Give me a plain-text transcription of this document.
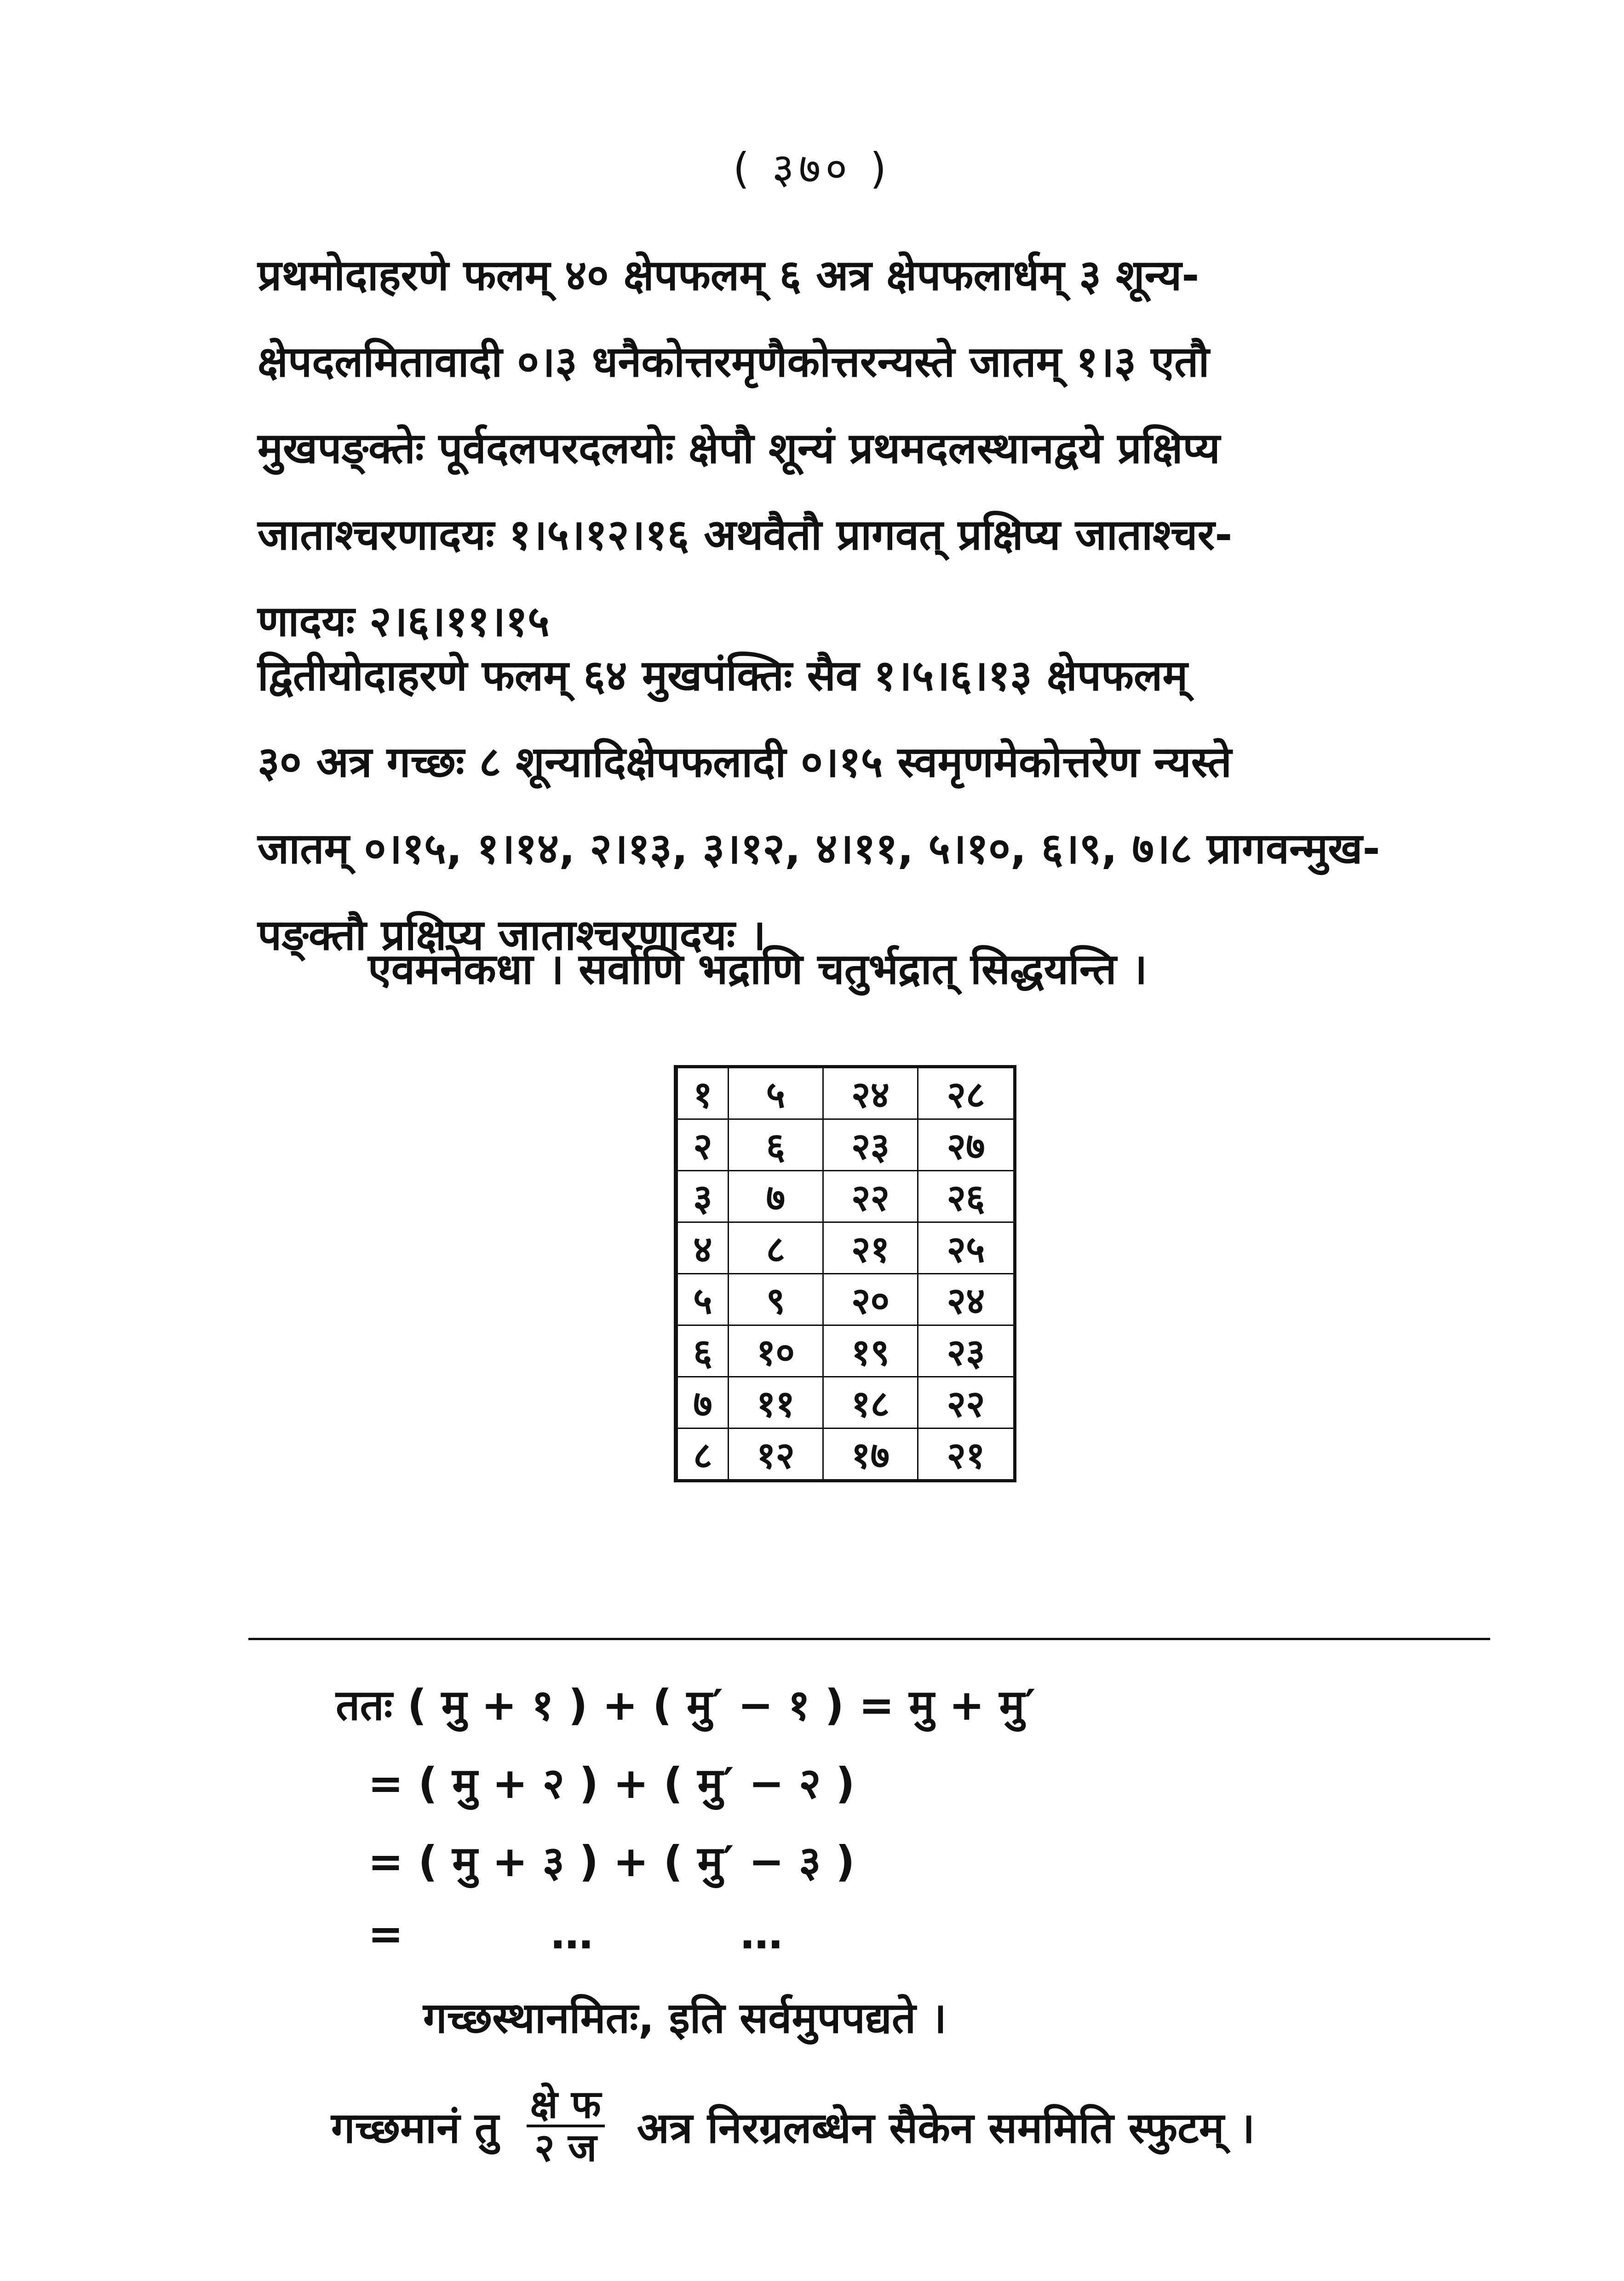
( ३७० )

प्रथमोदाहरणे फलम् ४० क्षेपफलम् ६ अत्र क्षेपफलार्धम् ३ शून्य-
क्षेपदलमितावादी ०।३ धनैकोत्तरमृणैकोत्तरन्यस्ते जातम् १।३ एतौ
मुखपङ्क्तेः पूर्वदलपरदलयोः क्षेपौ शून्यं प्रथमदलस्थानद्वये प्रक्षिप्य
जाताश्चरणादयः १।५।१२।१६ अथवैतौ प्रागवत् प्रक्षिप्य जाताश्चर-
णादयः २।६।११।१५

द्वितीयोदाहरणे फलम् ६४ मुखपंक्तिः सैव १।५।६।१३ क्षेपफलम्
३० अत्र गच्छः ८ शून्यादिक्षेपफलादी ०।१५ स्वमृणमेकोत्तरेण न्यस्ते
जातम् ०।१५, १।१४, २।१३, ३।१२, ४।११, ५।१०, ६।९, ७।८ प्रागवन्मुख-
पङ्क्तौ प्रक्षिप्य जाताश्चरणादयः ।

एवमनेकधा । सर्वाणि भद्राणि चतुर्भद्रात् सिद्धयन्ति ।
१	५	२४	२८
२	६	२३	२७
३	७	२२	२६
४	८	२१	२५
५	९	२०	२४
६	१०	१९	२३
७	११	१८	२२
८	१२	१७	२१
ततः ( मु + १ ) + ( मु′ − १ ) = मु + मु′
= ( मु + २ ) + ( मु′ − २ )
= ( मु + ३ ) + ( मु′ − ३ )
=          …          …
गच्छस्थानमितः, इति सर्वमुपपद्यते ।
गच्छमानं तु $\frac{\text{क्षे फ}}{\text{२ ज}}$ अत्र निरग्रलब्धेन सैकेन सममिति स्फुटम् ।
